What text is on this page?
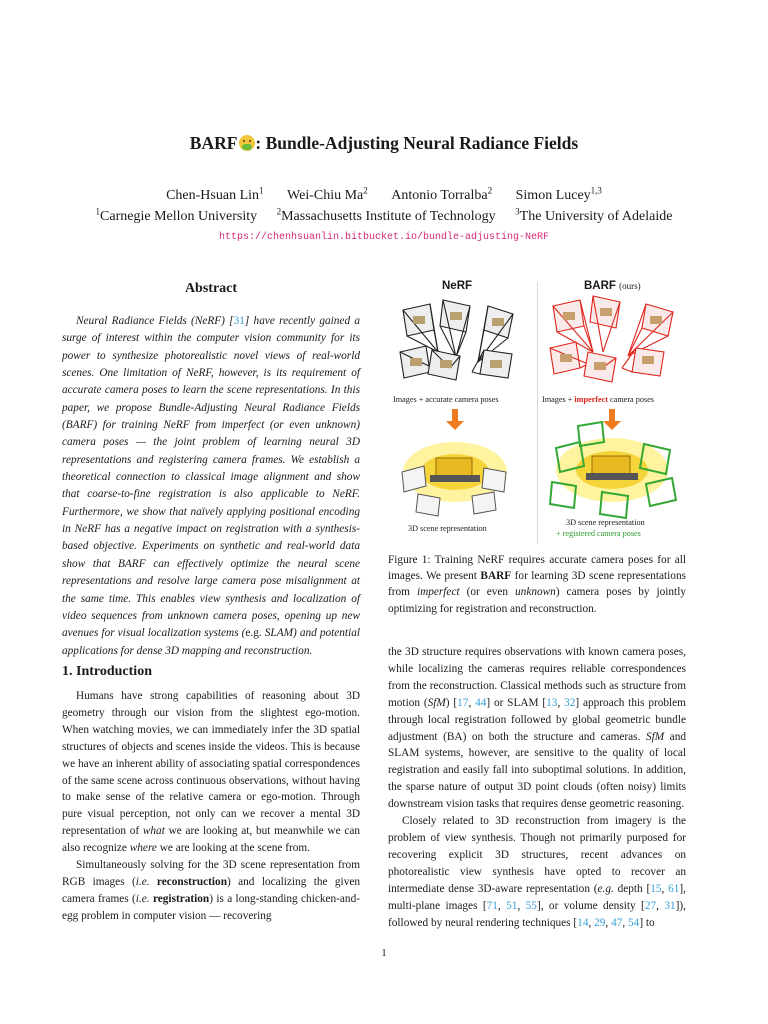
BARF : Bundle-Adjusting Neural Radiance Fields
Chen-Hsuan Lin$^1$ Wei-Chiu Ma$^2$ Antonio Torralba$^2$ Simon Lucey$^{1,3}$
$^1$Carnegie Mellon University $^2$Massachusetts Institute of Technology $^3$The University of Adelaide
https://chenhsuanlin.bitbucket.io/bundle-adjusting-NeRF
Abstract
Neural Radiance Fields (NeRF) [31] have recently gained a surge of interest within the computer vision community for its power to synthesize photorealistic novel views of real-world scenes. One limitation of NeRF, however, is its requirement of accurate camera poses to learn the scene representations. In this paper, we propose Bundle-Adjusting Neural Radiance Fields (BARF) for training NeRF from imperfect (or even unknown) camera poses — the joint problem of learning neural 3D representations and registering camera frames. We establish a theoretical connection to classical image alignment and show that coarse-to-fine registration is also applicable to NeRF. Furthermore, we show that naïvely applying positional encoding in NeRF has a negative impact on registration with a synthesis-based objective. Experiments on synthetic and real-world data show that BARF can effectively optimize the neural scene representations and resolve large camera pose misalignment at the same time. This enables view synthesis and localization of video sequences from unknown camera poses, opening up new avenues for visual localization systems (e.g. SLAM) and potential applications for dense 3D mapping and reconstruction.
1. Introduction

Humans have strong capabilities of reasoning about 3D geometry through our vision from the slightest ego-motion. When watching movies, we can immediately infer the 3D spatial structures of objects and scenes inside the videos. This is because we have an inherent ability of associating spatial correspondences of the same scene across continuous observations, without having to make sense of the relative camera or ego-motion. Through pure visual perception, not only can we recover a mental 3D representation of what we are looking at, but meanwhile we can also recognize where we are looking at the scene from.

Simultaneously solving for the 3D scene representation from RGB images (i.e. reconstruction) and localizing the given camera frames (i.e. registration) is a long-standing chicken-and-egg problem in computer vision — recovering

NeRF	BARF (ours)
Images + accurate camera poses	Images + imperfect camera poses
3D scene representation
3D scene representation
+ registered camera poses
Figure 1: Training NeRF requires accurate camera poses for all images. We present BARF for learning 3D scene representations from imperfect (or even unknown) camera poses by jointly optimizing for registration and reconstruction.

the 3D structure requires observations with known camera poses, while localizing the cameras requires reliable correspondences from the reconstruction. Classical methods such as structure from motion (SfM) [17, 44] or SLAM [13, 32] approach this problem through local registration followed by global geometric bundle adjustment (BA) on both the structure and cameras. SfM and SLAM systems, however, are sensitive to the quality of local registration and easily fall into suboptimal solutions. In addition, the sparse nature of output 3D point clouds (often noisy) limits downstream vision tasks that requires dense geometric reasoning.

Closely related to 3D reconstruction from imagery is the problem of view synthesis. Though not primarily purposed for recovering explicit 3D structures, recent advances on photorealistic view synthesis have opted to recover an intermediate dense 3D-aware representation (e.g. depth [15, 61], multi-plane images [71, 51, 55], or volume density [27, 31]), followed by neural rendering techniques [14, 29, 47, 54] to

1
